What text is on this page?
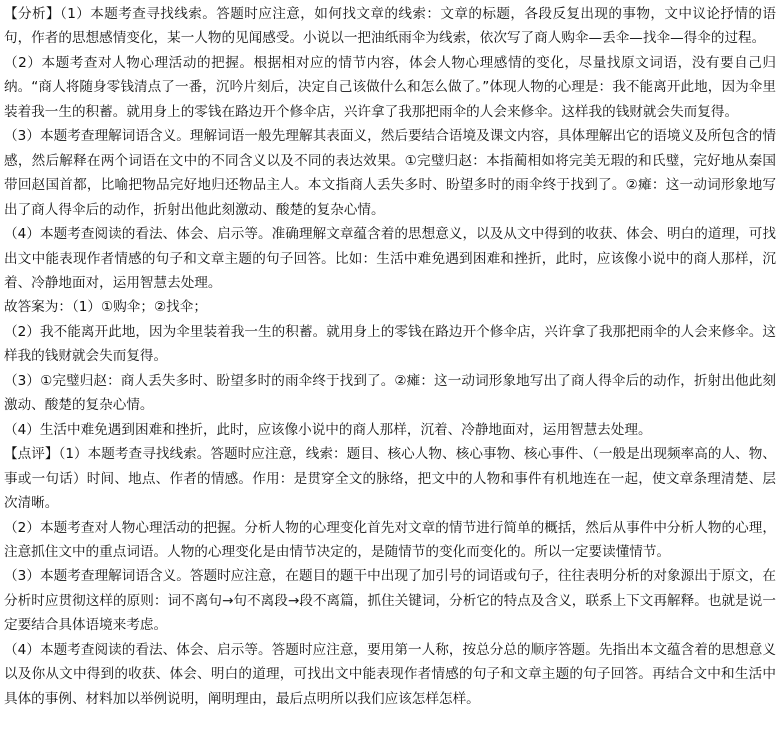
【分析】（1）本题考查寻找线索。答题时应注意，如何找文章的线索：文章的标题，各段反复出现的事物，文中议论抒情的语句，作者的思想感情变化，某一人物的见闻感受。小说以一把油纸雨伞为线索，依次写了商人购伞—丢伞—找伞—得伞的过程。

（2）本题考查对人物心理活动的把握。根据相对应的情节内容，体会人物心理感情的变化，尽量找原文词语，没有要自己归纳。“商人将随身零钱清点了一番，沉吟片刻后，决定自己该做什么和怎么做了。”体现人物的心理是：我不能离开此地，因为伞里装着我一生的积蓄。就用身上的零钱在路边开个修伞店，兴许拿了我那把雨伞的人会来修伞。这样我的钱财就会失而复得。

（3）本题考查理解词语含义。理解词语一般先理解其表面义，然后要结合语境及课文内容，具体理解出它的语境义及所包含的情感，然后解释在两个词语在文中的不同含义以及不同的表达效果。①完璧归赵：本指蔺相如将完美无瑕的和氏璧，完好地从秦国带回赵国首都，比喻把物品完好地归还物品主人。本文指商人丢失多时、盼望多时的雨伞终于找到了。②瘫：这一动词形象地写出了商人得伞后的动作，折射出他此刻激动、酸楚的复杂心情。

（4）本题考查阅读的看法、体会、启示等。准确理解文章蕴含着的思想意义，以及从文中得到的收获、体会、明白的道理，可找出文中能表现作者情感的句子和文章主题的句子回答。比如：生活中难免遇到困难和挫折，此时，应该像小说中的商人那样，沉着、冷静地面对，运用智慧去处理。

故答案为：（1）①购伞；②找伞；

（2）我不能离开此地，因为伞里装着我一生的积蓄。就用身上的零钱在路边开个修伞店，兴许拿了我那把雨伞的人会来修伞。这样我的钱财就会失而复得。

（3）①完璧归赵：商人丢失多时、盼望多时的雨伞终于找到了。②瘫：这一动词形象地写出了商人得伞后的动作，折射出他此刻激动、酸楚的复杂心情。

（4）生活中难免遇到困难和挫折，此时，应该像小说中的商人那样，沉着、冷静地面对，运用智慧去处理。

【点评】（1）本题考查寻找线索。答题时应注意，线索：题目、核心人物、核心事物、核心事件、（一般是出现频率高的人、物、事或一句话）时间、地点、作者的情感。作用：是贯穿全文的脉络，把文中的人物和事件有机地连在一起，使文章条理清楚、层次清晰。

（2）本题考查对人物心理活动的把握。分析人物的心理变化首先对文章的情节进行简单的概括，然后从事件中分析人物的心理，注意抓住文中的重点词语。人物的心理变化是由情节决定的，是随情节的变化而变化的。所以一定要读懂情节。

（3）本题考查理解词语含义。答题时应注意，在题目的题干中出现了加引号的词语或句子，往往表明分析的对象源出于原文，在分析时应贯彻这样的原则：词不离句→句不离段→段不离篇，抓住关键词，分析它的特点及含义，联系上下文再解释。也就是说一定要结合具体语境来考虑。

（4）本题考查阅读的看法、体会、启示等。答题时应注意，要用第一人称，按总分总的顺序答题。先指出本文蕴含着的思想意义以及你从文中得到的收获、体会、明白的道理，可找出文中能表现作者情感的句子和文章主题的句子回答。再结合文中和生活中具体的事例、材料加以举例说明，阐明理由，最后点明所以我们应该怎样怎样。
